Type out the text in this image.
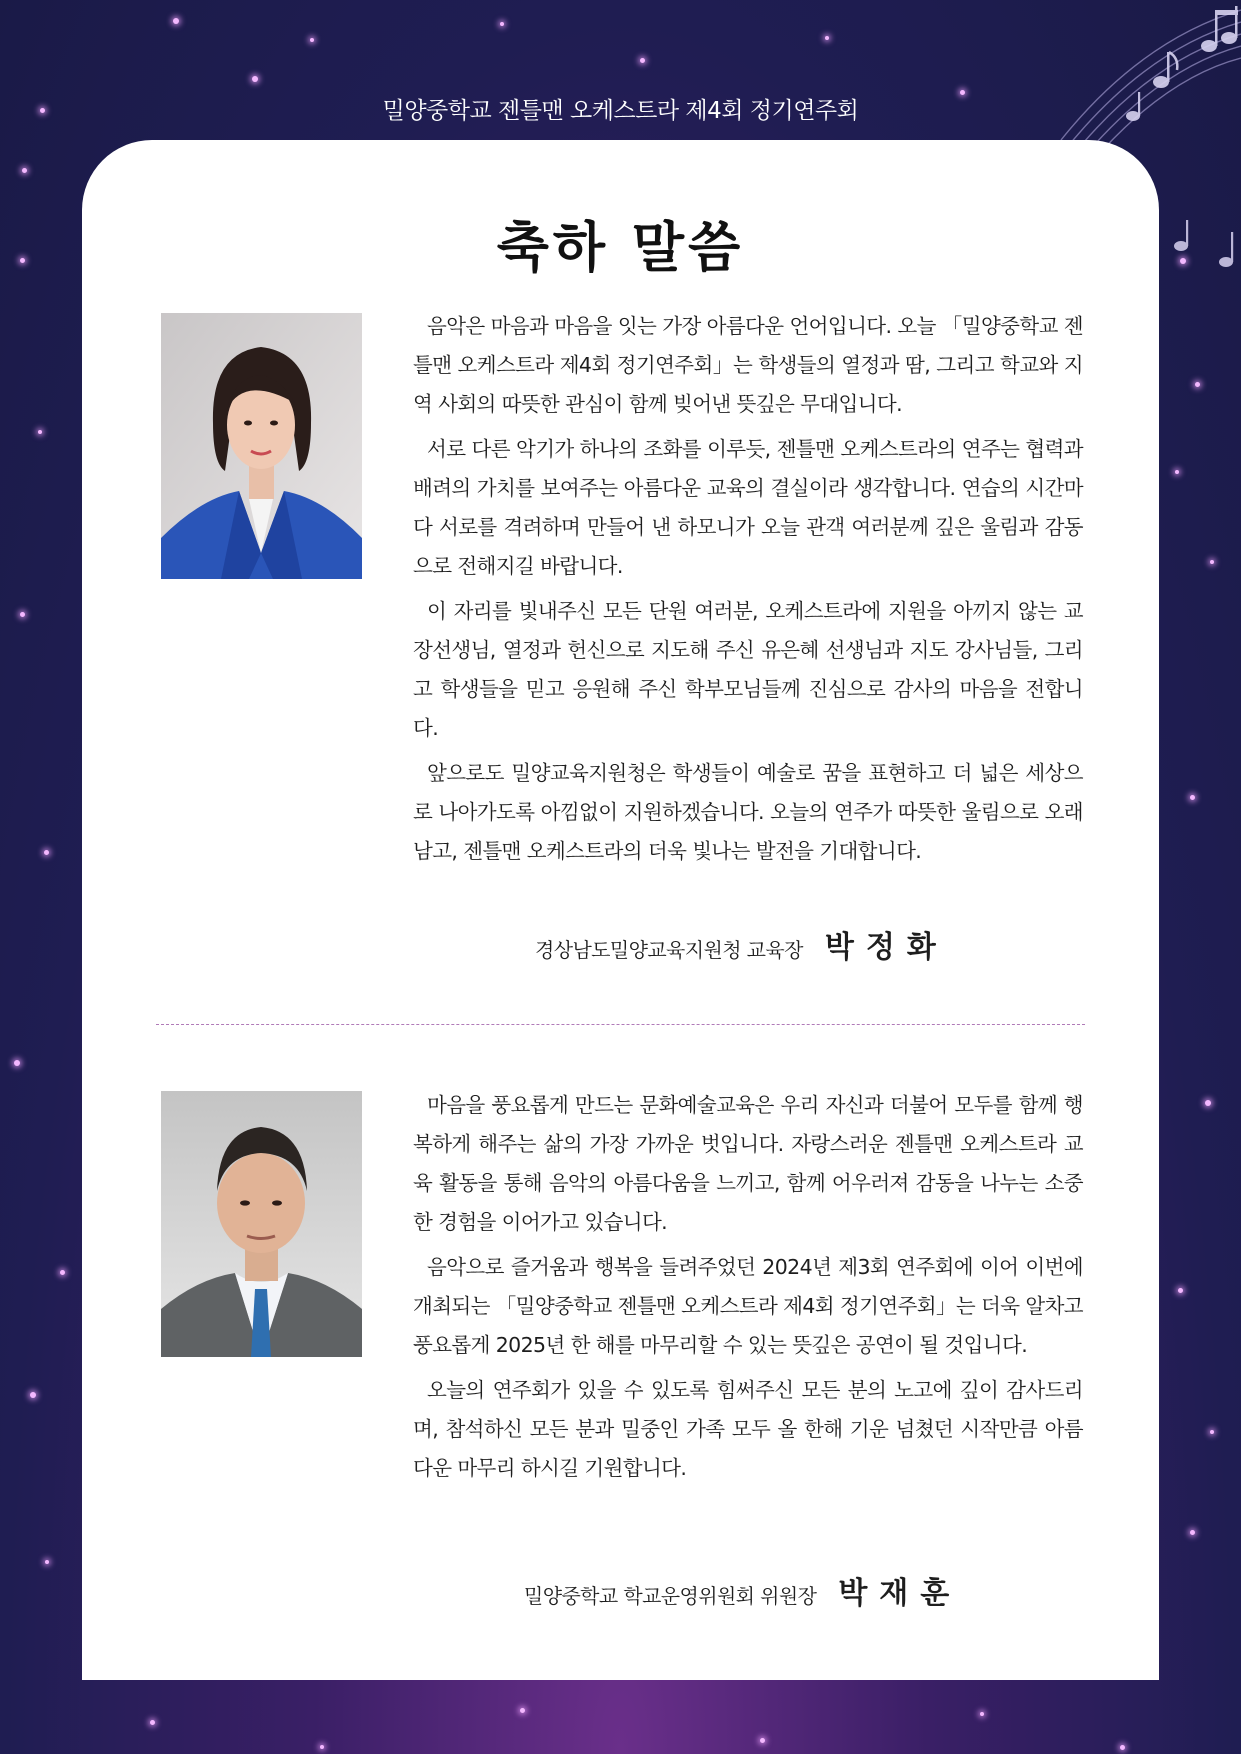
밀양중학교 젠틀맨 오케스트라 제4회 정기연주회
축하 말씀

음악은 마음과 마음을 잇는 가장 아름다운 언어입니다. 오늘 「밀양중학교 젠틀맨 오케스트라 제4회 정기연주회」는 학생들의 열정과 땀, 그리고 학교와 지역 사회의 따뜻한 관심이 함께 빚어낸 뜻깊은 무대입니다.

서로 다른 악기가 하나의 조화를 이루듯, 젠틀맨 오케스트라의 연주는 협력과 배려의 가치를 보여주는 아름다운 교육의 결실이라 생각합니다. 연습의 시간마다 서로를 격려하며 만들어 낸 하모니가 오늘 관객 여러분께 깊은 울림과 감동으로 전해지길 바랍니다.

이 자리를 빛내주신 모든 단원 여러분, 오케스트라에 지원을 아끼지 않는 교장선생님, 열정과 헌신으로 지도해 주신 유은혜 선생님과 지도 강사님들, 그리고 학생들을 믿고 응원해 주신 학부모님들께 진심으로 감사의 마음을 전합니다.

앞으로도 밀양교육지원청은 학생들이 예술로 꿈을 표현하고 더 넓은 세상으로 나아가도록 아낌없이 지원하겠습니다. 오늘의 연주가 따뜻한 울림으로 오래 남고, 젠틀맨 오케스트라의 더욱 빛나는 발전을 기대합니다.

경상남도밀양교육지원청 교육장 박정화

마음을 풍요롭게 만드는 문화예술교육은 우리 자신과 더불어 모두를 함께 행복하게 해주는 삶의 가장 가까운 벗입니다. 자랑스러운 젠틀맨 오케스트라 교육 활동을 통해 음악의 아름다움을 느끼고, 함께 어우러져 감동을 나누는 소중한 경험을 이어가고 있습니다.

음악으로 즐거움과 행복을 들려주었던 2024년 제3회 연주회에 이어 이번에 개최되는 「밀양중학교 젠틀맨 오케스트라 제4회 정기연주회」는 더욱 알차고 풍요롭게 2025년 한 해를 마무리할 수 있는 뜻깊은 공연이 될 것입니다.

오늘의 연주회가 있을 수 있도록 힘써주신 모든 분의 노고에 깊이 감사드리며, 참석하신 모든 분과 밀중인 가족 모두 올 한해 기운 넘쳤던 시작만큼 아름다운 마무리 하시길 기원합니다.

밀양중학교 학교운영위원회 위원장 박재훈
